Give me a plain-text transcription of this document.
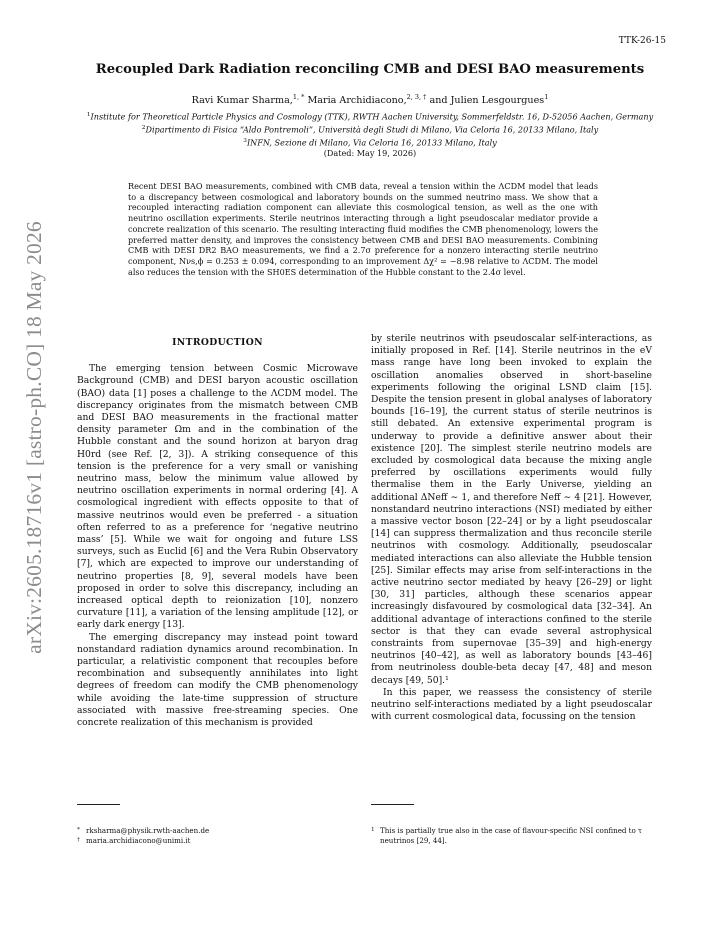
TTK-26-15
arXiv:2605.18716v1 [astro-ph.CO] 18 May 2026
Recoupled Dark Radiation reconciling CMB and DESI BAO measurements
Ravi Kumar Sharma,$^{1, *}$ Maria Archidiacono,$^{2, 3, \dagger}$ and Julien Lesgourgues$^1$
$^1$Institute for Theoretical Particle Physics and Cosmology (TTK), RWTH Aachen University, Sommerfeldstr. 16, D-52056 Aachen, Germany
$^2$Dipartimento di Fisica “Aldo Pontremoli”, Università degli Studi di Milano, Via Celoria 16, 20133 Milano, Italy
$^3$INFN, Sezione di Milano, Via Celoria 16, 20133 Milano, Italy
(Dated: May 19, 2026)

Recent DESI BAO measurements, combined with CMB data, reveal a tension within the ΛCDM model that leads to a discrepancy between cosmological and laboratory bounds on the summed neutrino mass. We show that a recoupled interacting radiation component can alleviate this cosmological tension, as well as the one with neutrino oscillation experiments. Sterile neutrinos interacting through a light pseudoscalar mediator provide a concrete realization of this scenario. The resulting interacting fluid modifies the CMB phenomenology, lowers the preferred matter density, and improves the consistency between CMB and DESI BAO measurements. Combining CMB with DESI DR2 BAO measurements, we find a 2.7σ preference for a nonzero interacting sterile neutrino component, Nνs,ϕ = 0.253 ± 0.094, corresponding to an improvement Δχ² = −8.98 relative to ΛCDM. The model also reduces the tension with the SH0ES determination of the Hubble constant to the 2.4σ level.

INTRODUCTION

The emerging tension between Cosmic Microwave Background (CMB) and DESI baryon acoustic oscillation (BAO) data [1] poses a challenge to the ΛCDM model. The discrepancy originates from the mismatch between CMB and DESI BAO measurements in the fractional matter density parameter Ωm and in the combination of the Hubble constant and the sound horizon at baryon drag H0rd (see Ref. [2, 3]). A striking consequence of this tension is the preference for a very small or vanishing neutrino mass, below the minimum value allowed by neutrino oscillation experiments in normal ordering [4]. A cosmological ingredient with effects opposite to that of massive neutrinos would even be preferred - a situation often referred to as a preference for ‘negative neutrino mass’ [5]. While we wait for ongoing and future LSS surveys, such as Euclid [6] and the Vera Rubin Observatory [7], which are expected to improve our understanding of neutrino properties [8, 9], several models have been proposed in order to solve this discrepancy, including an increased optical depth to reionization [10], nonzero curvature [11], a variation of the lensing amplitude [12], or early dark energy [13].

The emerging discrepancy may instead point toward nonstandard radiation dynamics around recombination. In particular, a relativistic component that recouples before recombination and subsequently annihilates into light degrees of freedom can modify the CMB phenomenology while avoiding the late-time suppression of structure associated with massive free-streaming species. One concrete realization of this mechanism is provided

by sterile neutrinos with pseudoscalar self-interactions, as initially proposed in Ref. [14]. Sterile neutrinos in the eV mass range have long been invoked to explain the oscillation anomalies observed in short-baseline experiments following the original LSND claim [15]. Despite the tension present in global analyses of laboratory bounds [16–19], the current status of sterile neutrinos is still debated. An extensive experimental program is underway to provide a definitive answer about their existence [20]. The simplest sterile neutrino models are excluded by cosmological data because the mixing angle preferred by oscillations experiments would fully thermalise them in the Early Universe, yielding an additional ΔNeff ∼ 1, and therefore Neff ∼ 4 [21]. However, nonstandard neutrino interactions (NSI) mediated by either a massive vector boson [22–24] or by a light pseudoscalar [14] can suppress thermalization and thus reconcile sterile neutrinos with cosmology. Additionally, pseudoscalar mediated interactions can also alleviate the Hubble tension [25]. Similar effects may arise from self-interactions in the active neutrino sector mediated by heavy [26–29] or light [30, 31] particles, although these scenarios appear increasingly disfavoured by cosmological data [32–34]. An additional advantage of interactions confined to the sterile sector is that they can evade several astrophysical constraints from supernovae [35–39] and high-energy neutrinos [40–42], as well as laboratory bounds [43–46] from neutrinoless double-beta decay [47, 48] and meson decays [49, 50].¹

In this paper, we reassess the consistency of sterile neutrino self-interactions mediated by a light pseudoscalar with current cosmological data, focussing on the tension

* rksharma@physik.rwth-aachen.de
† maria.archidiacono@unimi.it
1 This is partially true also in the case of flavour-specific NSI confined to τ neutrinos [29, 44].
